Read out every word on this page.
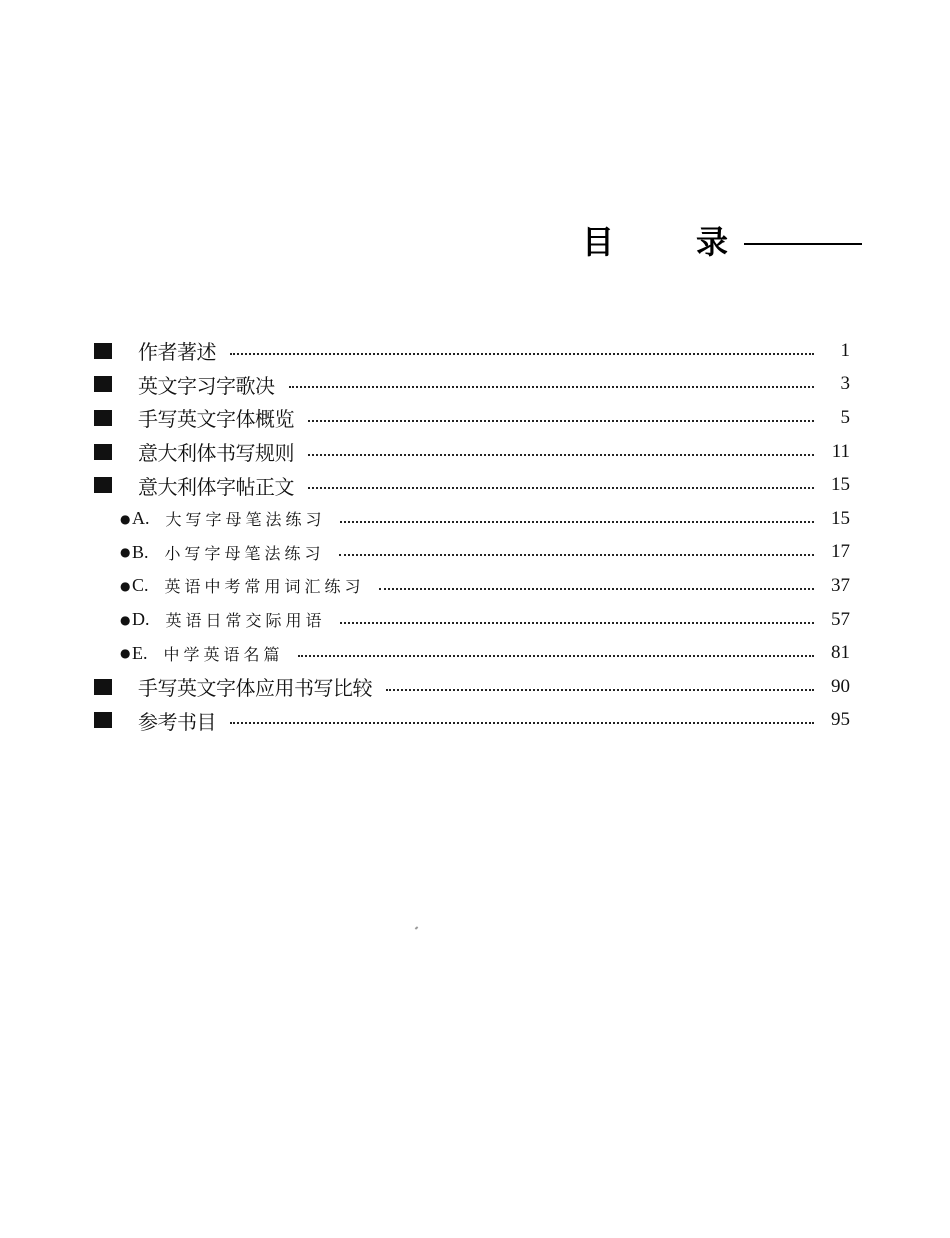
目	录
作者著述	1
英文字习字歌决	3
手写英文字体概览	5
意大利体书写规则	11
意大利体字帖正文	15
● A. 大写字母笔法练习	15
● B. 小写字母笔法练习	17
● C. 英语中考常用词汇练习	37
● D. 英语日常交际用语	57
● E. 中学英语名篇	81
手写英文字体应用书写比较	90
参考书目	95
